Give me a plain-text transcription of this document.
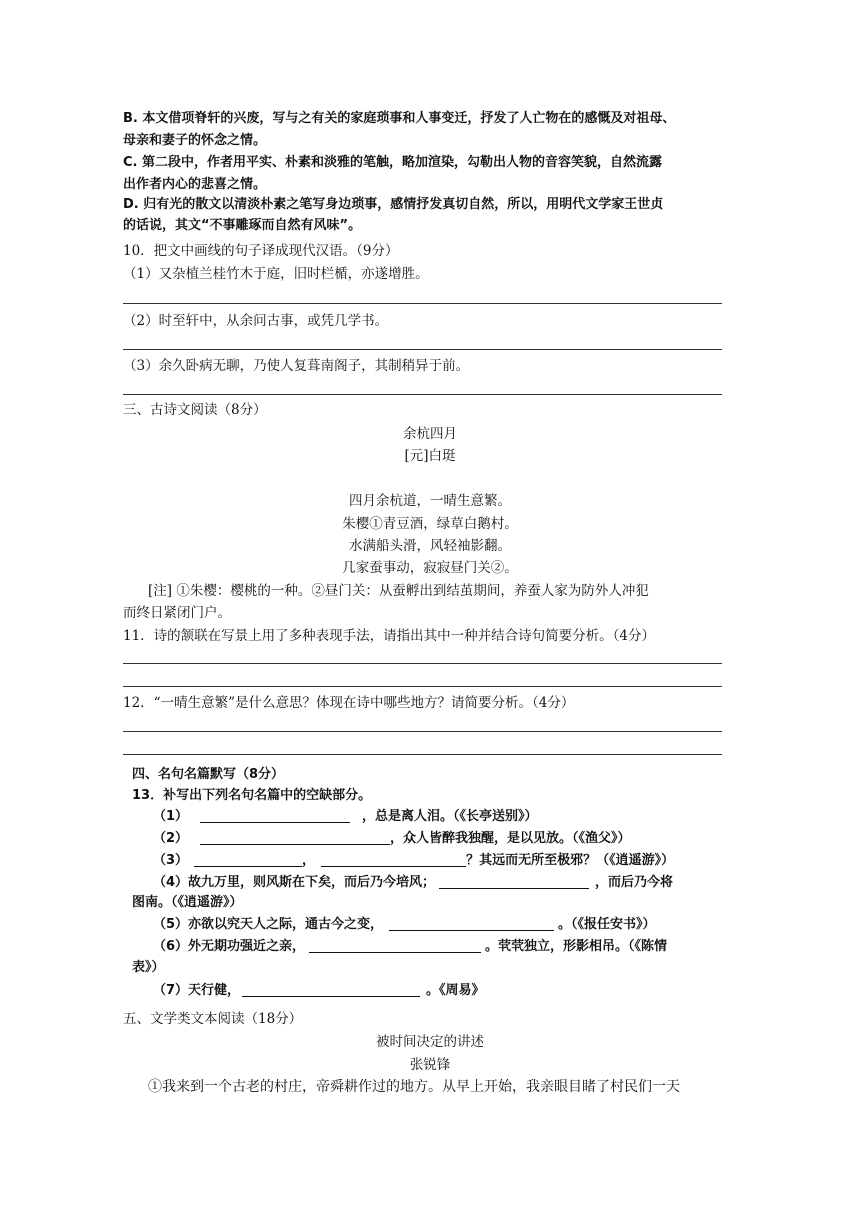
B. 本文借项脊轩的兴废，写与之有关的家庭琐事和人事变迁，抒发了人亡物在的感慨及对祖母、
母亲和妻子的怀念之情。
C. 第二段中，作者用平实、朴素和淡雅的笔触，略加渲染，勾勒出人物的音容笑貌，自然流露
出作者内心的悲喜之情。
D. 归有光的散文以清淡朴素之笔写身边琐事，感情抒发真切自然，所以，用明代文学家王世贞
的话说，其文“不事雕琢而自然有风味”。
10．把文中画线的句子译成现代汉语。（9分）
（1）又杂植兰桂竹木于庭，旧时栏楯，亦遂增胜。
（2）时至轩中，从余问古事，或凭几学书。
（3）余久卧病无聊，乃使人复葺南阁子，其制稍异于前。
三、古诗文阅读（8分）
余杭四月
[元]白珽
四月余杭道，一晴生意繁。
朱樱①青豆酒，绿草白鹅村。
水满船头滑，风轻袖影翻。
几家蚕事动，寂寂昼门关②。
[注] ①朱樱：樱桃的一种。②昼门关：从蚕孵出到结茧期间，养蚕人家为防外人冲犯
而终日紧闭门户。
11．诗的颔联在写景上用了多种表现手法，请指出其中一种并结合诗句简要分析。（4分）
12．“一晴生意繁”是什么意思？体现在诗中哪些地方？请简要分析。（4分）
四、名句名篇默写（8分）
13．补写出下列名句名篇中的空缺部分。
（1）	，总是离人泪。（《长亭送别》）
（2）	，众人皆醉我独醒，是以见放。（《渔父》）
（3）	，	？其远而无所至极邪？（《逍遥游》）
（4）故九万里，则风斯在下矣，而后乃今培风；	，而后乃今将
图南。（《逍遥游》）
（5）亦欲以究天人之际，通古今之变，	。（《报任安书》）
（6）外无期功强近之亲，	。茕茕独立，形影相吊。（《陈情
表》）
（7）天行健，	。《周易》
五、文学类文本阅读（18分）
被时间决定的讲述
张锐锋
①我来到一个古老的村庄，帝舜耕作过的地方。从早上开始，我亲眼目睹了村民们一天
